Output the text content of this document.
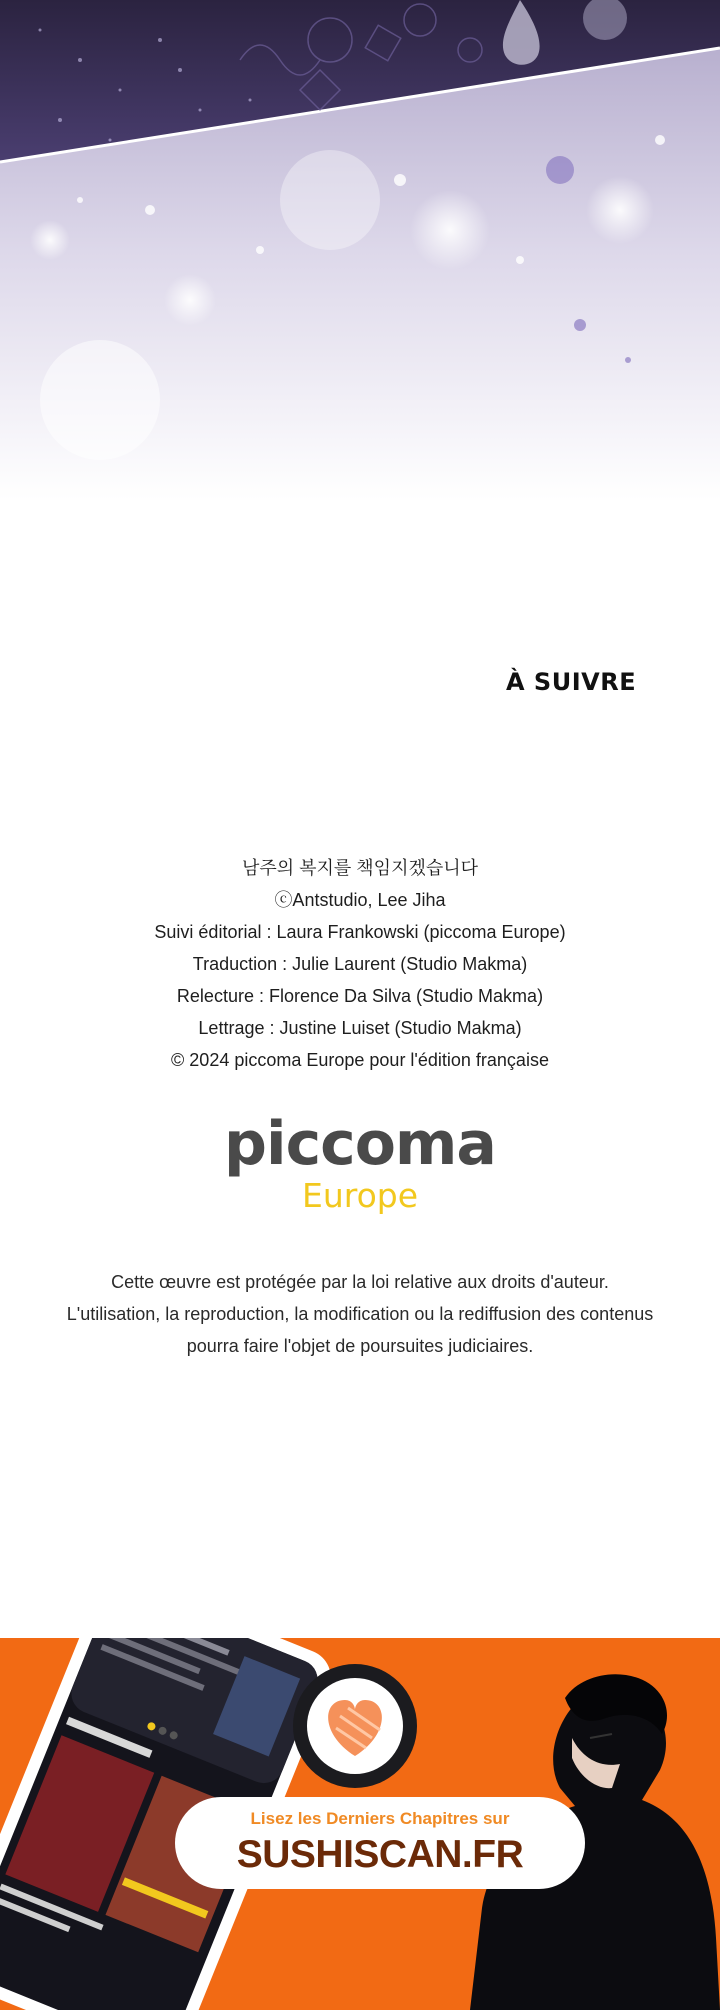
À SUIVRE
남주의 복지를 책임지겠습니다
ⓒAntstudio, Lee Jiha
Suivi éditorial : Laura Frankowski (piccoma Europe)
Traduction : Julie Laurent (Studio Makma)
Relecture : Florence Da Silva (Studio Makma)
Lettrage : Justine Luiset (Studio Makma)
© 2024 piccoma Europe pour l'édition française
piccoma
Europe
Cette œuvre est protégée par la loi relative aux droits d'auteur.
L'utilisation, la reproduction, la modification ou la rediffusion des contenus
pourra faire l'objet de poursuites judiciaires.
Lisez les Derniers Chapitres sur
SUSHISCAN.FR
